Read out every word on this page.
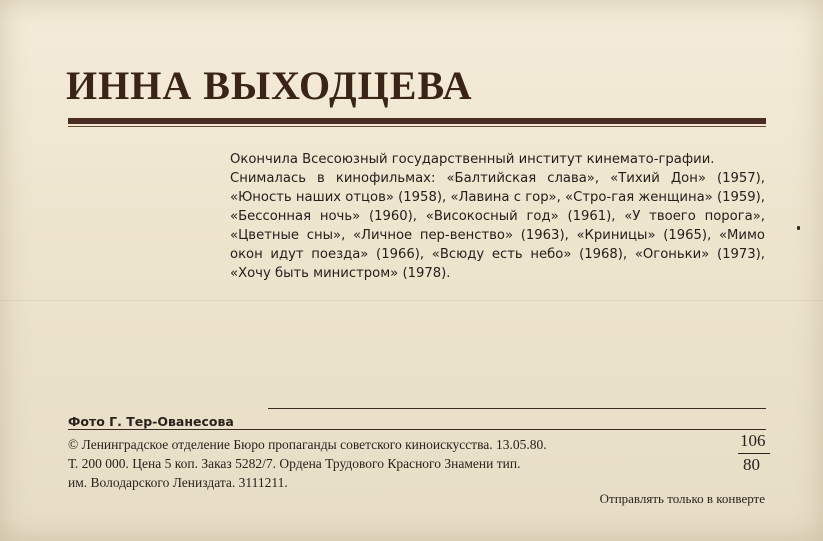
ИННА ВЫХОДЦЕВА

Окончила Всесоюзный государственный институт кинемато-графии.

Снималась в кинофильмах: «Балтийская слава», «Тихий Дон» (1957), «Юность наших отцов» (1958), «Лавина с гор», «Стро-гая женщина» (1959), «Бессонная ночь» (1960), «Високосный год» (1961), «У твоего порога», «Цветные сны», «Личное пер-венство» (1963), «Криницы» (1965), «Мимо окон идут поезда» (1966), «Всюду есть небо» (1968), «Огоньки» (1973), «Хочу быть министром» (1978).

Фото Г. Тер-Ованесова
© Ленинградское отделение Бюро пропаганды советского киноискусства. 13.05.80.
Т. 200 000. Цена 5 коп. Заказ 5282/7. Ордена Трудового Красного Знамени тип.
им. Володарского Лениздата. 3111211.
106
80
Отправлять только в конверте
